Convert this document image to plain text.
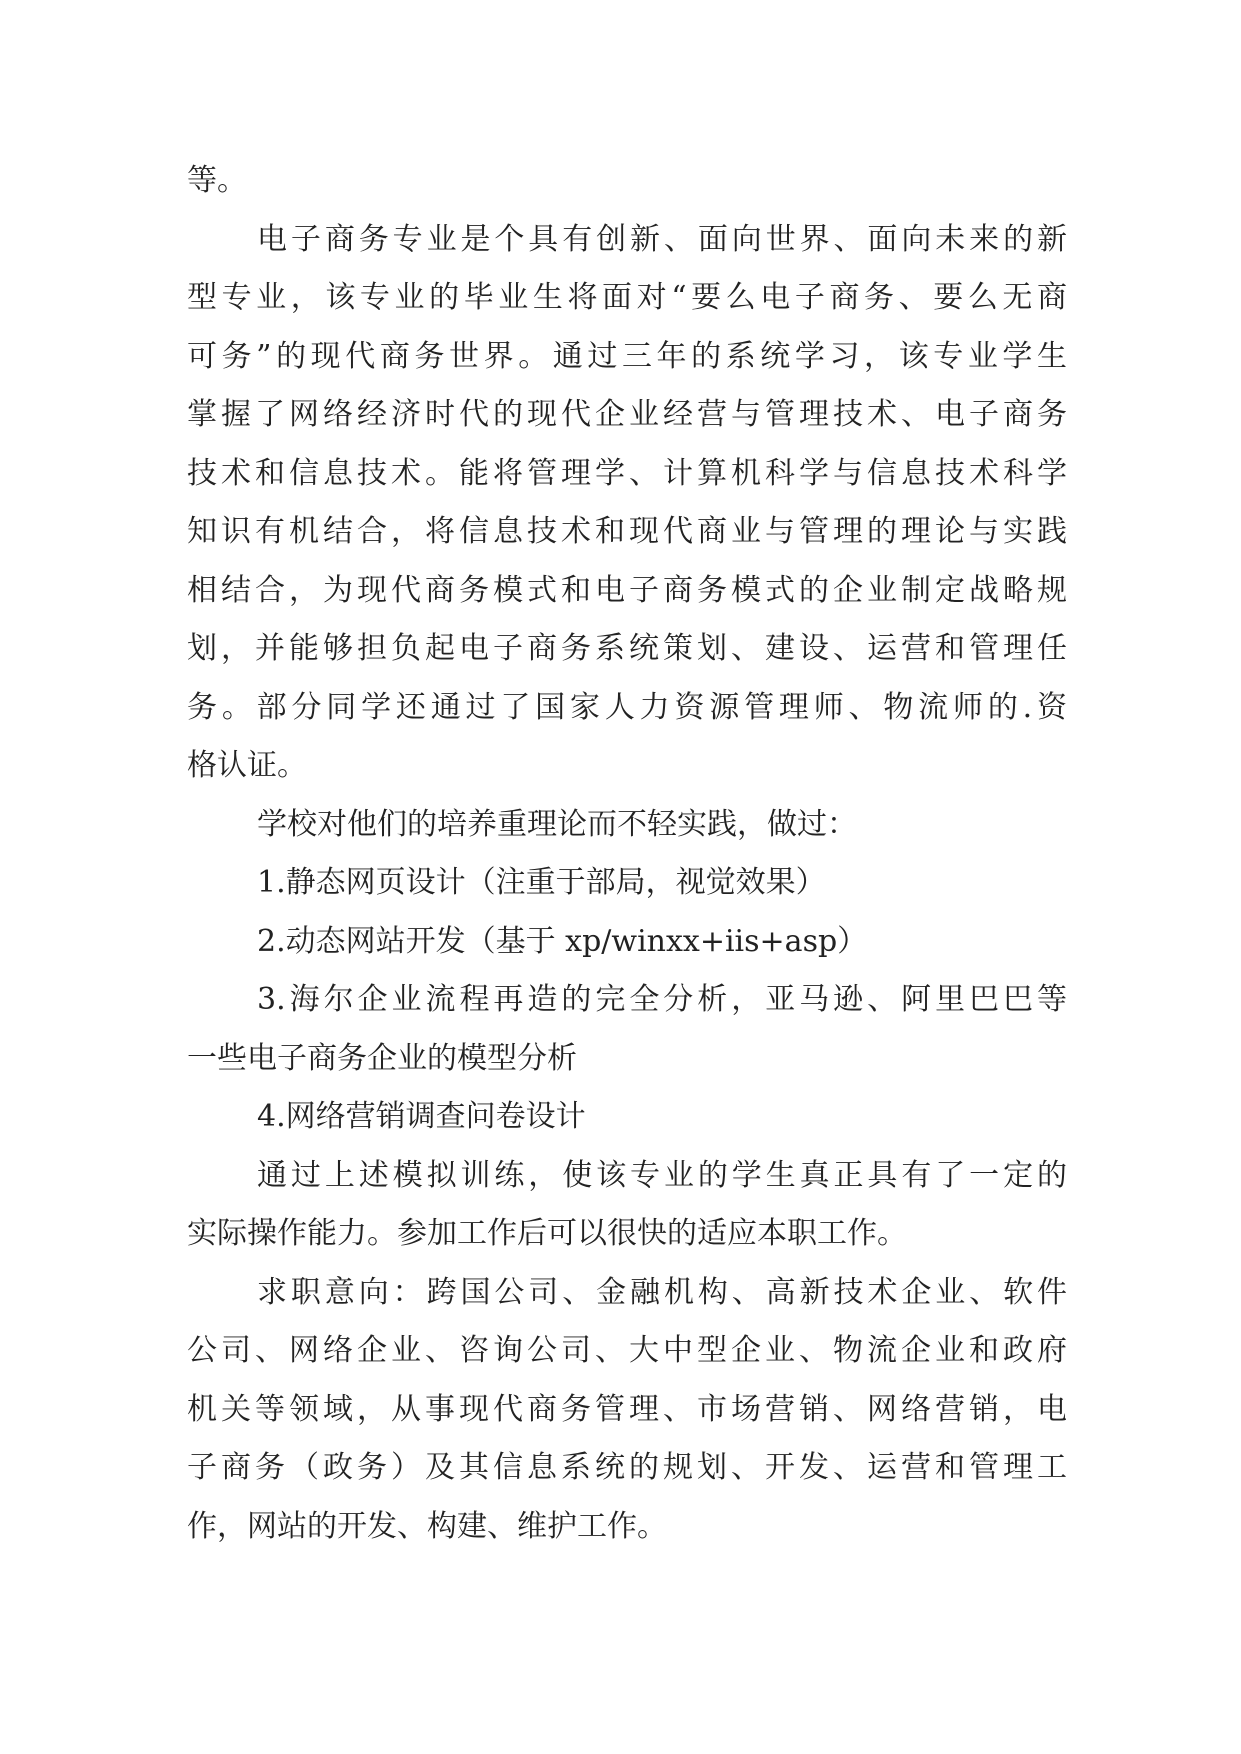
等。
电子商务专业是个具有创新、面向世界、面向未来的新
型专业，该专业的毕业生将面对“要么电子商务、要么无商
可务”的现代商务世界。通过三年的系统学习，该专业学生
掌握了网络经济时代的现代企业经营与管理技术、电子商务
技术和信息技术。能将管理学、计算机科学与信息技术科学
知识有机结合，将信息技术和现代商业与管理的理论与实践
相结合，为现代商务模式和电子商务模式的企业制定战略规
划，并能够担负起电子商务系统策划、建设、运营和管理任
务。部分同学还通过了国家人力资源管理师、物流师的.资
格认证。
学校对他们的培养重理论而不轻实践，做过：
1.静态网页设计（注重于部局，视觉效果）
2.动态网站开发（基于 xp/winxx+iis+asp）
3.海尔企业流程再造的完全分析，亚马逊、阿里巴巴等
一些电子商务企业的模型分析
4.网络营销调查问卷设计
通过上述模拟训练，使该专业的学生真正具有了一定的
实际操作能力。参加工作后可以很快的适应本职工作。
求职意向：跨国公司、金融机构、高新技术企业、软件
公司、网络企业、咨询公司、大中型企业、物流企业和政府
机关等领域，从事现代商务管理、市场营销、网络营销，电
子商务（政务）及其信息系统的规划、开发、运营和管理工
作，网站的开发、构建、维护工作。
